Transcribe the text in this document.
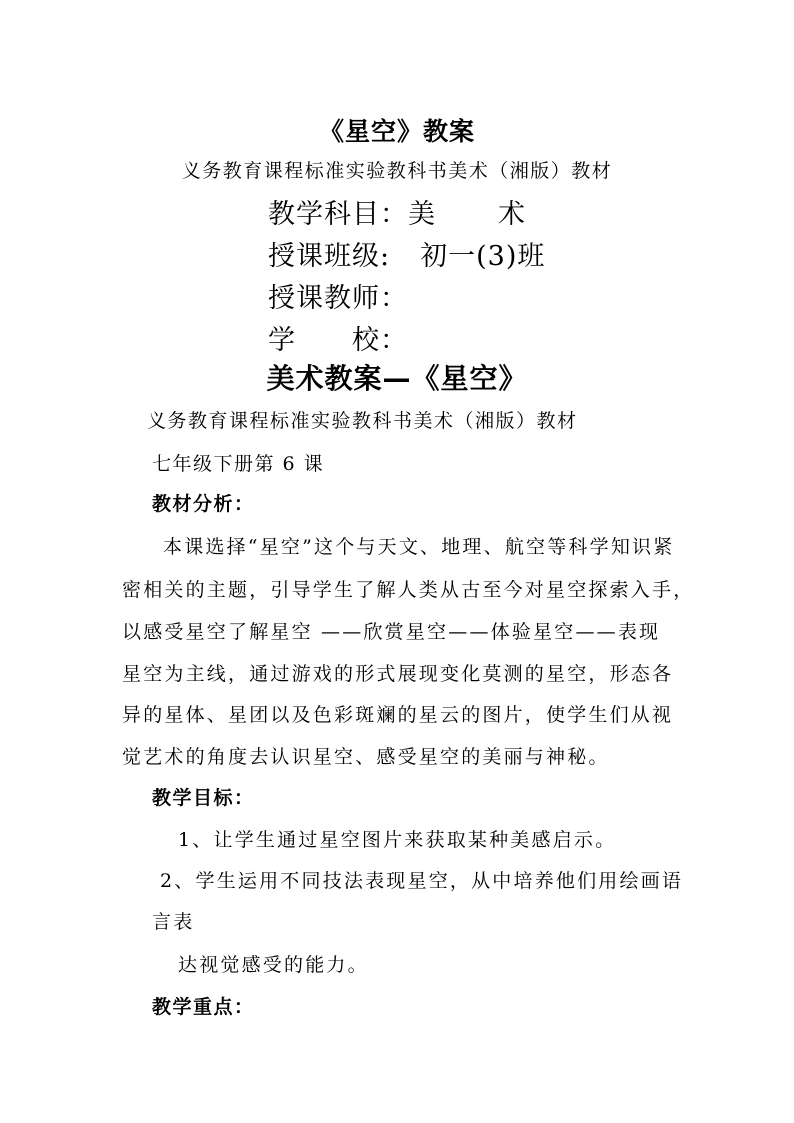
《星空》教案
义务教育课程标准实验教科书美术（湘版）教材
教学科目：美 术
授课班级: 初一(3)班
授课教师：
学 校：
美术教案—《星空》
义务教育课程标准实验教科书美术（湘版）教材
七年级下册第 6 课
教材分析：
本课选择“星空”这个与天文、地理、航空等科学知识紧
密相关的主题，引导学生了解人类从古至今对星空探索入手，
以感受星空了解星空 ——欣赏星空——体验星空——表现
星空为主线，通过游戏的形式展现变化莫测的星空，形态各
异的星体、星团以及色彩斑斓的星云的图片，使学生们从视
觉艺术的角度去认识星空、感受星空的美丽与神秘。
教学目标：
1、让学生通过星空图片来获取某种美感启示。
2、学生运用不同技法表现星空，从中培养他们用绘画语
言表
达视觉感受的能力。
教学重点：
